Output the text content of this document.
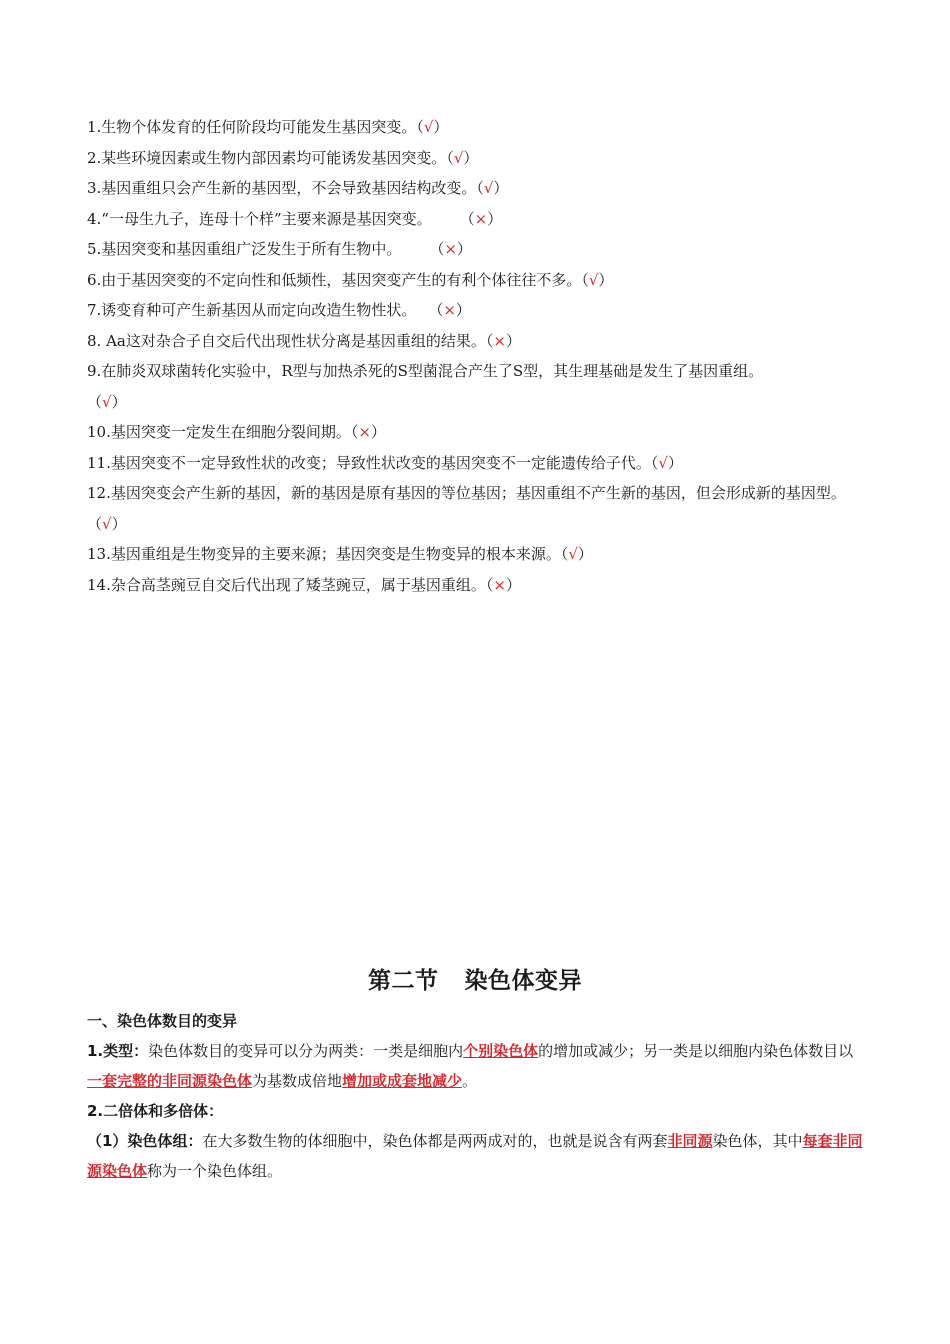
1.生物个体发育的任何阶段均可能发生基因突变。（√）

2.某些环境因素或生物内部因素均可能诱发基因突变。（√）

3.基因重组只会产生新的基因型，不会导致基因结构改变。（√）

4.“一母生九子，连母十个样”主要来源是基因突变。 （×）

5.基因突变和基因重组广泛发生于所有生物中。 （×）

6.由于基因突变的不定向性和低频性，基因突变产生的有利个体往往不多。（√）

7.诱变育种可产生新基因从而定向改造生物性状。 （×）

8. Aa这对杂合子自交后代出现性状分离是基因重组的结果。（×）

9.在肺炎双球菌转化实验中，R型与加热杀死的S型菌混合产生了S型，其生理基础是发生了基因重组。
（√）

10.基因突变一定发生在细胞分裂间期。（×）

11.基因突变不一定导致性状的改变；导致性状改变的基因突变不一定能遗传给子代。（√）

12.基因突变会产生新的基因，新的基因是原有基因的等位基因；基因重组不产生新的基因，但会形成新的基因型。（√）

13.基因重组是生物变异的主要来源；基因突变是生物变异的根本来源。（√）

14.杂合高茎豌豆自交后代出现了矮茎豌豆，属于基因重组。（×）

第二节 染色体变异

一、染色体数目的变异

1.类型：染色体数目的变异可以分为两类：一类是细胞内个别染色体的增加或减少；另一类是以细胞内染色体数目以一套完整的非同源染色体为基数成倍地增加或成套地减少。

2.二倍体和多倍体：

（1）染色体组：在大多数生物的体细胞中，染色体都是两两成对的，也就是说含有两套非同源染色体，其中每套非同源染色体称为一个染色体组。
